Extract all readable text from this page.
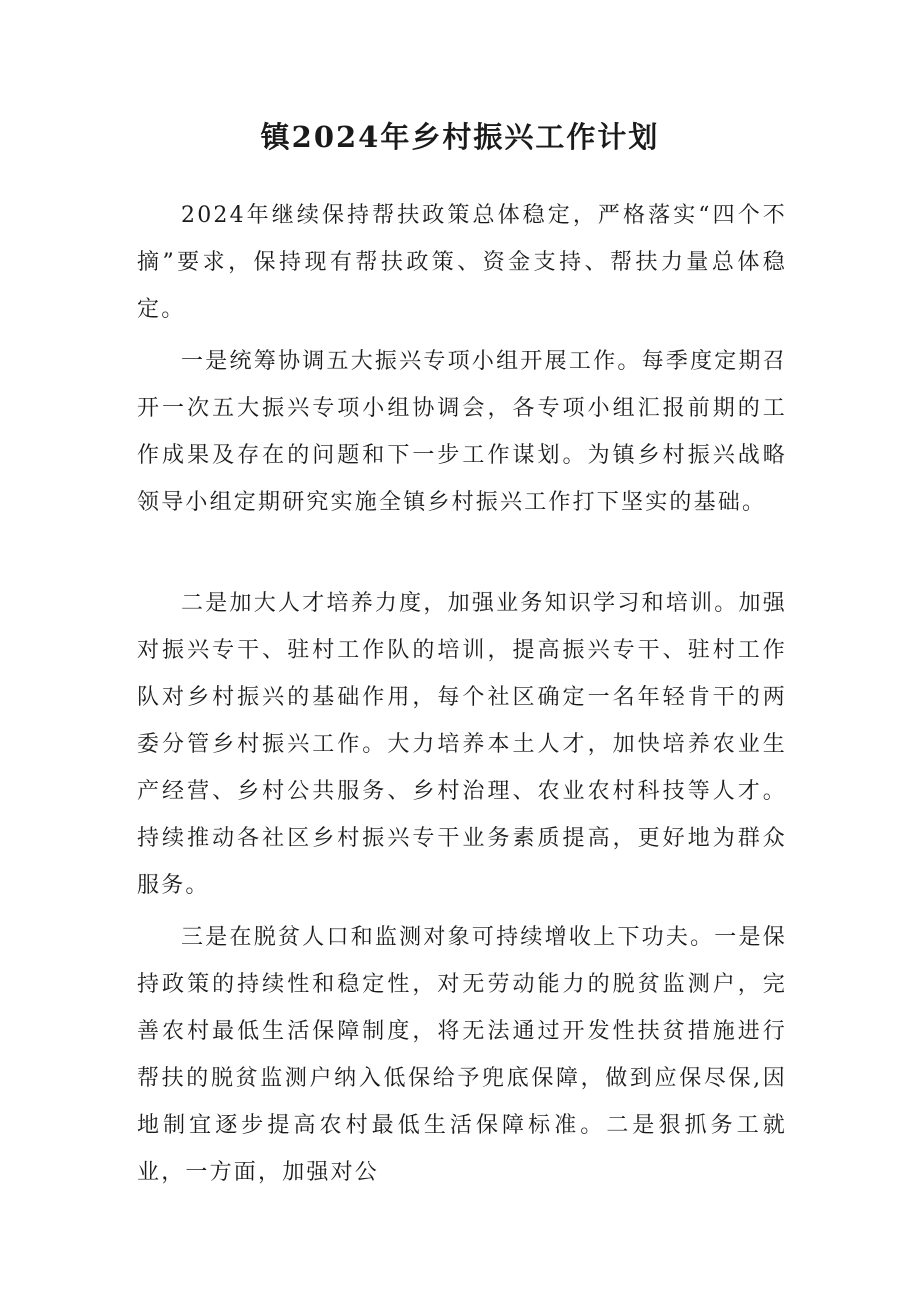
镇2024年乡村振兴工作计划

2024年继续保持帮扶政策总体稳定，严格落实“四个不摘”要求，保持现有帮扶政策、资金支持、帮扶力量总体稳定。

一是统筹协调五大振兴专项小组开展工作。每季度定期召开一次五大振兴专项小组协调会，各专项小组汇报前期的工作成果及存在的问题和下一步工作谋划。为镇乡村振兴战略领导小组定期研究实施全镇乡村振兴工作打下坚实的基础。

二是加大人才培养力度，加强业务知识学习和培训。加强对振兴专干、驻村工作队的培训，提高振兴专干、驻村工作队对乡村振兴的基础作用，每个社区确定一名年轻肯干的两委分管乡村振兴工作。大力培养本土人才，加快培养农业生产经营、乡村公共服务、乡村治理、农业农村科技等人才。持续推动各社区乡村振兴专干业务素质提高，更好地为群众服务。

三是在脱贫人口和监测对象可持续增收上下功夫。一是保持政策的持续性和稳定性，对无劳动能力的脱贫监测户，完善农村最低生活保障制度，将无法通过开发性扶贫措施进行帮扶的脱贫监测户纳入低保给予兜底保障，做到应保尽保,因地制宜逐步提高农村最低生活保障标准。二是狠抓务工就业，一方面，加强对公
